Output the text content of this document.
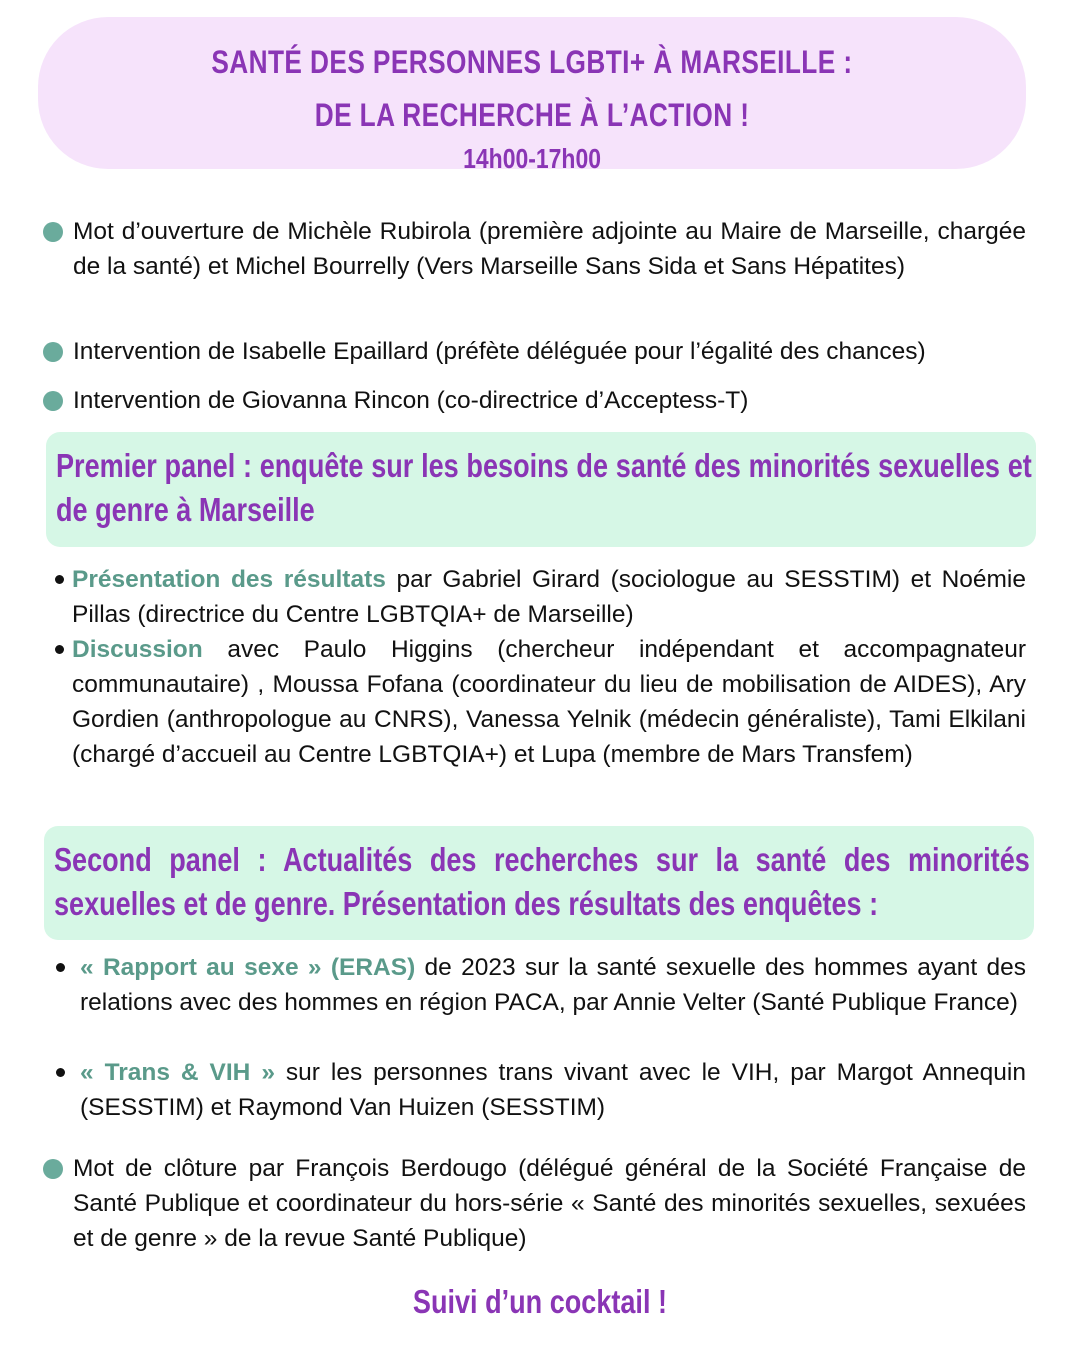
SANTÉ DES PERSONNES LGBTI+ À MARSEILLE :
DE LA RECHERCHE À L’ACTION !
14h00-17h00
Mot d’ouverture de Michèle Rubirola (première adjointe au Maire de Marseille, chargée de la santé) et Michel Bourrelly (Vers Marseille Sans Sida et Sans Hépatites)
Intervention de Isabelle Epaillard (préfète déléguée pour l’égalité des chances)
Intervention de Giovanna Rincon (co-directrice d’Acceptess-T)
Premier panel : enquête sur les besoins de santé des minorités sexuelles et de genre à Marseille
Présentation des résultats par Gabriel Girard (sociologue au SESSTIM) et Noémie Pillas (directrice du Centre LGBTQIA+ de Marseille)
Discussion avec Paulo Higgins (chercheur indépendant et accompagnateur communautaire) , Moussa Fofana (coordinateur du lieu de mobilisation de AIDES), Ary Gordien (anthropologue au CNRS), Vanessa Yelnik (médecin généraliste), Tami Elkilani (chargé d’accueil au Centre LGBTQIA+) et Lupa (membre de Mars Transfem)
Second panel : Actualités des recherches sur la santé des minorités sexuelles et de genre. Présentation des résultats des enquêtes :
« Rapport au sexe » (ERAS) de 2023 sur la santé sexuelle des hommes ayant des relations avec des hommes en région PACA, par Annie Velter (Santé Publique France)
« Trans & VIH » sur les personnes trans vivant avec le VIH, par Margot Annequin (SESSTIM) et Raymond Van Huizen (SESSTIM)
Mot de clôture par François Berdougo (délégué général de la Société Française de Santé Publique et coordinateur du hors-série « Santé des minorités sexuelles, sexuées et de genre » de la revue Santé Publique)
Suivi d’un cocktail !
